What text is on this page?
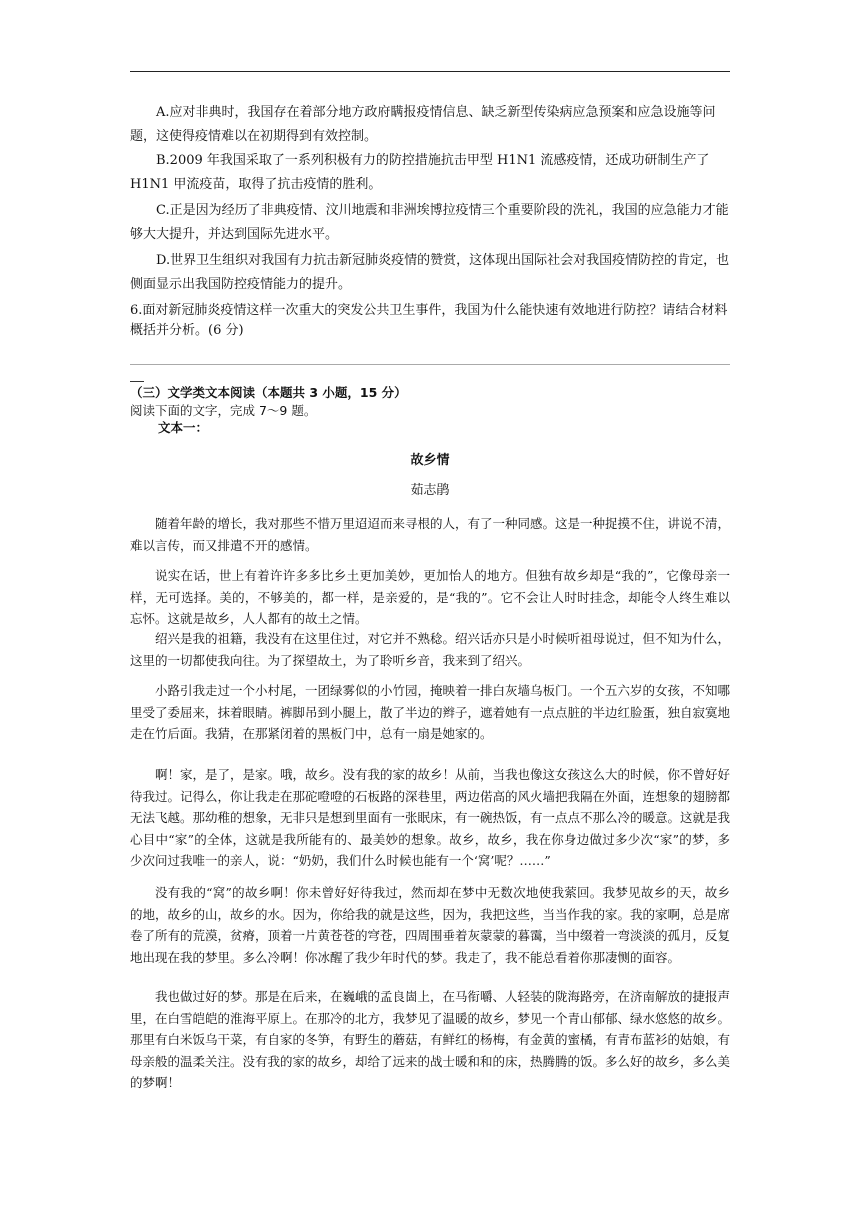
A.应对非典时，我国存在着部分地方政府瞒报疫情信息、缺乏新型传染病应急预案和应急设施等问题，这使得疫情难以在初期得到有效控制。

B.2009 年我国采取了一系列积极有力的防控措施抗击甲型 H1N1 流感疫情，还成功研制生产了 H1N1 甲流疫苗，取得了抗击疫情的胜利。

C.正是因为经历了非典疫情、汶川地震和非洲埃博拉疫情三个重要阶段的洗礼，我国的应急能力才能够大大提升，并达到国际先进水平。

D.世界卫生组织对我国有力抗击新冠肺炎疫情的赞赏，这体现出国际社会对我国疫情防控的肯定，也侧面显示出我国防控疫情能力的提升。

6.面对新冠肺炎疫情这样一次重大的突发公共卫生事件，我国为什么能快速有效地进行防控？请结合材料概括并分析。(6 分)

（三）文学类文本阅读（本题共 3 小题，15 分）

阅读下面的文字，完成 7～9 题。

文本一：

故乡情

茹志鹃

随着年龄的增长，我对那些不惜万里迢迢而来寻根的人，有了一种同感。这是一种捉摸不住，讲说不清，难以言传，而又排遣不开的感情。

说实在话，世上有着许许多多比乡土更加美妙，更加怡人的地方。但独有故乡却是“我的”，它像母亲一样，无可选择。美的，不够美的，都一样，是亲爱的，是“我的”。它不会让人时时挂念，却能令人终生难以忘怀。这就是故乡，人人都有的故土之情。

绍兴是我的祖籍，我没有在这里住过，对它并不熟稔。绍兴话亦只是小时候听祖母说过，但不知为什么，这里的一切都使我向往。为了探望故土，为了聆听乡音，我来到了绍兴。

小路引我走过一个小村尾，一团绿雾似的小竹园，掩映着一排白灰墙乌板门。一个五六岁的女孩，不知哪里受了委屈来，抹着眼睛。裤脚吊到小腿上，散了半边的辫子，遮着她有一点点脏的半边红脸蛋，独自寂寞地走在竹后面。我猜，在那紧闭着的黑板门中，总有一扇是她家的。

啊！家，是了，是家。哦，故乡。没有我的家的故乡！从前，当我也像这女孩这么大的时候，你不曾好好待我过。记得么，你让我走在那砣噔噔的石板路的深巷里，两边偌高的风火墙把我隔在外面，连想象的翅膀都无法飞越。那幼稚的想象，无非只是想到里面有一张眠床，有一碗热饭，有一点点不那么冷的暖意。这就是我心目中“家”的全体，这就是我所能有的、最美妙的想象。故乡，故乡，我在你身边做过多少次“家”的梦，多少次问过我唯一的亲人，说：“奶奶，我们什么时候也能有一个‘窝’呢？……”

没有我的“窝”的故乡啊！你未曾好好待我过，然而却在梦中无数次地使我萦回。我梦见故乡的天，故乡的地，故乡的山，故乡的水。因为，你给我的就是这些，因为，我把这些，当当作我的家。我的家啊，总是席卷了所有的荒漠，贫瘠，顶着一片黄苍苍的穹苍，四周围垂着灰蒙蒙的暮霭，当中缀着一弯淡淡的孤月，反复地出现在我的梦里。多么冷啊！你冰醒了我少年时代的梦。我走了，我不能总看着你那凄恻的面容。

我也做过好的梦。那是在后来，在巍峨的孟良崮上，在马衔嚼、人轻装的陇海路旁，在济南解放的捷报声里，在白雪皑皑的淮海平原上。在那冷的北方，我梦见了温暖的故乡，梦见一个青山郁郁、绿水悠悠的故乡。那里有白米饭乌干菜，有自家的冬笋，有野生的蘑菇，有鲜红的杨梅，有金黄的蜜橘，有青布蓝衫的姑娘，有母亲般的温柔关注。没有我的家的故乡，却给了远来的战士暖和和的床，热腾腾的饭。多么好的故乡，多么美的梦啊！
